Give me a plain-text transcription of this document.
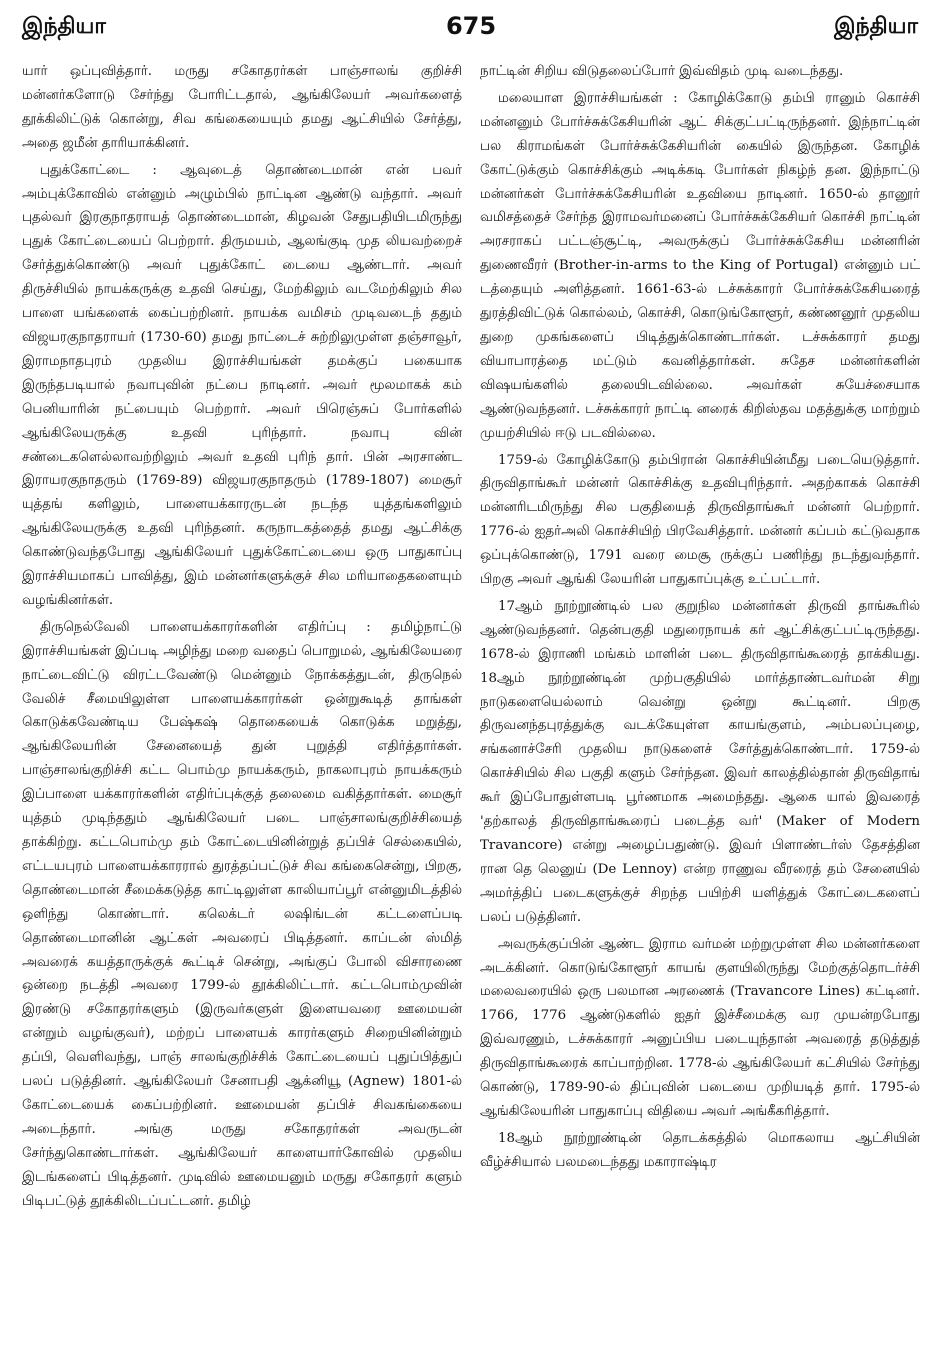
இந்தியா	675	இந்தியா

யார் ஒப்புவித்தார். மருது சகோதரர்கள் பாஞ்சாலங் குறிச்சி மன்னர்களோடு சேர்ந்து போரிட்டதால், ஆங்கிலேயர் அவர்களைத் தூக்கிலிட்டுக் கொன்று, சிவ கங்கையையும் தமது ஆட்சியில் சேர்த்து, அதை ஜமீன் தாரியாக்கினர்.

புதுக்கோட்டை : ஆவுடைத் தொண்டைமான் என் பவர் அம்புக்கோவில் என்னும் அழும்பில் நாட்டின ஆண்டு வந்தார். அவர் புதல்வர் இரகுநாதராயத் தொண்டைமான், கிழவன் சேதுபதியிடமிருந்து புதுக் கோட்டையைப் பெற்றார். திருமயம், ஆலங்குடி முத லியவற்றைச் சேர்த்துக்கொண்டு அவர் புதுக்கோட் டையை ஆண்டார். அவர் திருச்சியில் நாயக்கருக்கு உதவி செய்து, மேற்கிலும் வடமேற்கிலும் சில பாளை யங்களைக் கைப்பற்றினர். நாயக்க வமிசம் முடிவடைந் ததும் விஜயரகுநாதராயர் (1730-60) தமது நாட்டைச் சுற்றிலுமுள்ள தஞ்சாவூர், இராமநாதபுரம் முதலிய இராச்சியங்கள் தமக்குப் பகையாக இருந்தபடியால் நவாபுவின் நட்பை நாடினர். அவர் மூலமாகக் கம் பெனியாரின் நட்பையும் பெற்றார். அவர் பிரெஞ்சுப் போர்களில் ஆங்கிலேயருக்கு உதவி புரிந்தார். நவாபு வின் சண்டைகளெல்லாவற்றிலும் அவர் உதவி புரிந் தார். பின் அரசாண்ட இராயரகுநாதரும் (1769-89) விஜயரகுநாதரும் (1789-1807) மைசூர் யுத்தங் களிலும், பாளையக்காரருடன் நடந்த யுத்தங்களிலும் ஆங்கிலேயருக்கு உதவி புரிந்தனர். கருநாடகத்தைத் தமது ஆட்சிக்கு கொண்டுவந்தபோது ஆங்கிலேயர் புதுக்கோட்டையை ஒரு பாதுகாப்பு இராச்சியமாகப் பாவித்து, இம் மன்னர்களுக்குச் சில மரியாதைகளையும் வழங்கினர்கள்.

திருநெல்வேலி பாளையக்காரர்களின் எதிர்ப்பு : தமிழ்நாட்டு இராச்சியங்கள் இப்படி அழிந்து மறை வதைப் பொறுமல், ஆங்கிலேயரை நாட்டைவிட்டு விரட்டவேண்டு மென்னும் நோக்கத்துடன், திருநெல் வேலிச் சீமையிலுள்ள பாளையக்காரர்கள் ஒன்றுகூடித் தாங்கள் கொடுக்கவேண்டிய பேஷ்கஷ் தொகையைக் கொடுக்க மறுத்து, ஆங்கிலேயரின் சேனையைத் துன் புறுத்தி எதிர்த்தார்கள். பாஞ்சாலங்குறிச்சி கட்ட பொம்மு நாயக்கரும், நாகலாபுரம் நாயக்கரும் இப்பாளை யக்காரர்களின் எதிர்ப்புக்குத் தலைமை வகித்தார்கள். மைசூர் யுத்தம் முடிந்ததும் ஆங்கிலேயர் படை பாஞ்சாலங்குறிச்சியைத் தாக்கிற்று. கட்டபொம்மு தம் கோட்டையினின்றுத் தப்பிச் செல்கையில், எட்டயபுரம் பாளையக்காரரால் துரத்தப்பட்டுச் சிவ கங்கைசென்று, பிறகு, தொண்டைமான் சீமைக்கடுத்த காட்டிலுள்ள காலியாப்பூர் என்னுமிடத்தில் ஒளிந்து கொண்டார். கலெக்டர் லஷிங்டன் கட்டளைப்படி தொண்டைமானின் ஆட்கள் அவரைப் பிடித்தனர். காப்டன் ஸ்மித் அவரைக் கயத்தாருக்குக் கூட்டிச் சென்று, அங்குப் போலி விசாரணை ஒன்றை நடத்தி அவரை 1799-ல் தூக்கிலிட்டார். கட்டபொம்முவின் இரண்டு சகோதரர்களும் (இருவர்களுள் இளையவரை ஊமையன் என்றும் வழங்குவர்), மற்றப் பாளையக் காரர்களும் சிறையினின்றும் தப்பி, வெளிவந்து, பாஞ் சாலங்குறிச்சிக் கோட்டையைப் புதுப்பித்துப் பலப் படுத்தினர். ஆங்கிலேயர் சேனாபதி ஆக்னியூ (Agnew) 1801-ல் கோட்டையைக் கைப்பற்றினர். ஊமையன் தப்பிச் சிவகங்கையை அடைந்தார். அங்கு மருது சகோதரர்கள் அவருடன் சேர்ந்துகொண்டார்கள். ஆங்கிலேயர் காளையார்கோவில் முதலிய இடங்களைப் பிடித்தனர். முடிவில் ஊமையனும் மருது சகோதரர் களும் பிடிபட்டுத் தூக்கிலிடப்பட்டனர். தமிழ்

நாட்டின் சிறிய விடுதலைப்போர் இவ்விதம் முடி வடைந்தது.

மலையாள இராச்சியங்கள் : கோழிக்கோடு தம்பி ரானும் கொச்சி மன்னனும் போர்ச்சுக்கேசியரின் ஆட் சிக்குட்பட்டிருந்தனர். இந்நாட்டின் பல கிராமங்கள் போர்ச்சுக்கேசியரின் கையில் இருந்தன. கோழிக் கோட்டுக்கும் கொச்சிக்கும் அடிக்கடி போர்கள் நிகழ்ந் தன. இந்நாட்டு மன்னர்கள் போர்ச்சுக்கேசியரின் உதவியை நாடினர். 1650-ல் தானூர் வமிசத்தைச் சேர்ந்த இராமவர்மனைப் போர்ச்சுக்கேசியர் கொச்சி நாட்டின் அரசராகப் பட்டஞ்சூட்டி, அவருக்குப் போர்ச்சுக்கேசிய மன்னரின் துணைவீரர் (Brother-in-arms to the King of Portugal) என்னும் பட் டத்தையும் அளித்தனர். 1661-63-ல் டச்சுக்காரர் போர்ச்சுக்கேசியரைத் துரத்திவிட்டுக் கொல்லம், கொச்சி, கொடுங்கோளூர், கண்ணனூர் முதலிய துறை முகங்களைப் பிடித்துக்கொண்டார்கள். டச்சுக்காரர் தமது வியாபாரத்தை மட்டும் கவனித்தார்கள். சுதேச மன்னர்களின் விஷயங்களில் தலையிடவில்லை. அவர்கள் சுயேச்சையாக ஆண்டுவந்தனர். டச்சுக்காரர் நாட்டி னரைக் கிறிஸ்தவ மதத்துக்கு மாற்றும் முயற்சியில் ஈடு படவில்லை.

1759-ல் கோழிக்கோடு தம்பிரான் கொச்சியின்மீது படையெடுத்தார். திருவிதாங்கூர் மன்னர் கொச்சிக்கு உதவிபுரிந்தார். அதற்காகக் கொச்சி மன்னரிடமிருந்து சில பகுதியைத் திருவிதாங்கூர் மன்னர் பெற்றார். 1776-ல் ஐதர்அலி கொச்சியிற் பிரவேசித்தார். மன்னர் கப்பம் கட்டுவதாக ஒப்புக்கொண்டு, 1791 வரை மைசூ ருக்குப் பணிந்து நடந்துவந்தார். பிறகு அவர் ஆங்கி லேயரின் பாதுகாப்புக்கு உட்பட்டார்.

17ஆம் நூற்றூண்டில் பல குறுநில மன்னர்கள் திருவி தாங்கூரில் ஆண்டுவந்தனர். தென்பகுதி மதுரைநாயக் கர் ஆட்சிக்குட்பட்டிருந்தது. 1678-ல் இராணி மங்கம் மாளின் படை திருவிதாங்கூரைத் தாக்கியது. 18ஆம் நூற்றூண்டின் முற்பகுதியில் மார்த்தாண்டவர்மன் சிறு நாடுகளையெல்லாம் வென்று ஒன்று கூட்டினர். பிறகு திருவனந்தபுரத்துக்கு வடக்கேயுள்ள காயங்குளம், அம்பலப்புழை, சங்கனாச்சேரி முதலிய நாடுகளைச் சேர்த்துக்கொண்டார். 1759-ல் கொச்சியில் சில பகுதி களும் சேர்ந்தன. இவர் காலத்தில்தான் திருவிதாங் கூர் இப்போதுள்ளபடி பூர்ணமாக அமைந்தது. ஆகை யால் இவரைத் 'தற்காலத் திருவிதாங்கூரைப் படைத்த வர்' (Maker of Modern Travancore) என்று அழைப்பதுண்டு. இவர் பிளாண்டர்ஸ் தேசத்தின ரான தெ லெனுய் (De Lennoy) என்ற ராணுவ வீரரைத் தம் சேனையில் அமர்த்திப் படைகளுக்குச் சிறந்த பயிற்சி யளித்துக் கோட்டைகளைப் பலப் படுத்தினர்.

அவருக்குப்பின் ஆண்ட இராம வர்மன் மற்றுமுள்ள சில மன்னர்களை அடக்கினர். கொடுங்கோளூர் காயங் குளயிலிருந்து மேற்குத்தொடர்ச்சி மலைவரையில் ஒரு பலமான அரணைக் (Travancore Lines) கட்டினர். 1766, 1776 ஆண்டுகளில் ஐதர் இச்சீமைக்கு வர முயன்றபோது இவ்வரணும், டச்சுக்காரர் அனுப்பிய படையுந்தான் அவரைத் தடுத்துத் திருவிதாங்கூரைக் காப்பாற்றின. 1778-ல் ஆங்கிலேயர் கட்சியில் சேர்ந்து கொண்டு, 1789-90-ல் திப்புவின் படையை முறியடித் தார். 1795-ல் ஆங்கிலேயரின் பாதுகாப்பு விதியை அவர் அங்கீகரித்தார்.

18ஆம் நூற்றூண்டின் தொடக்கத்தில் மொகலாய ஆட்சியின் வீழ்ச்சியால் பலமடைந்தது மகாராஷ்டிர
